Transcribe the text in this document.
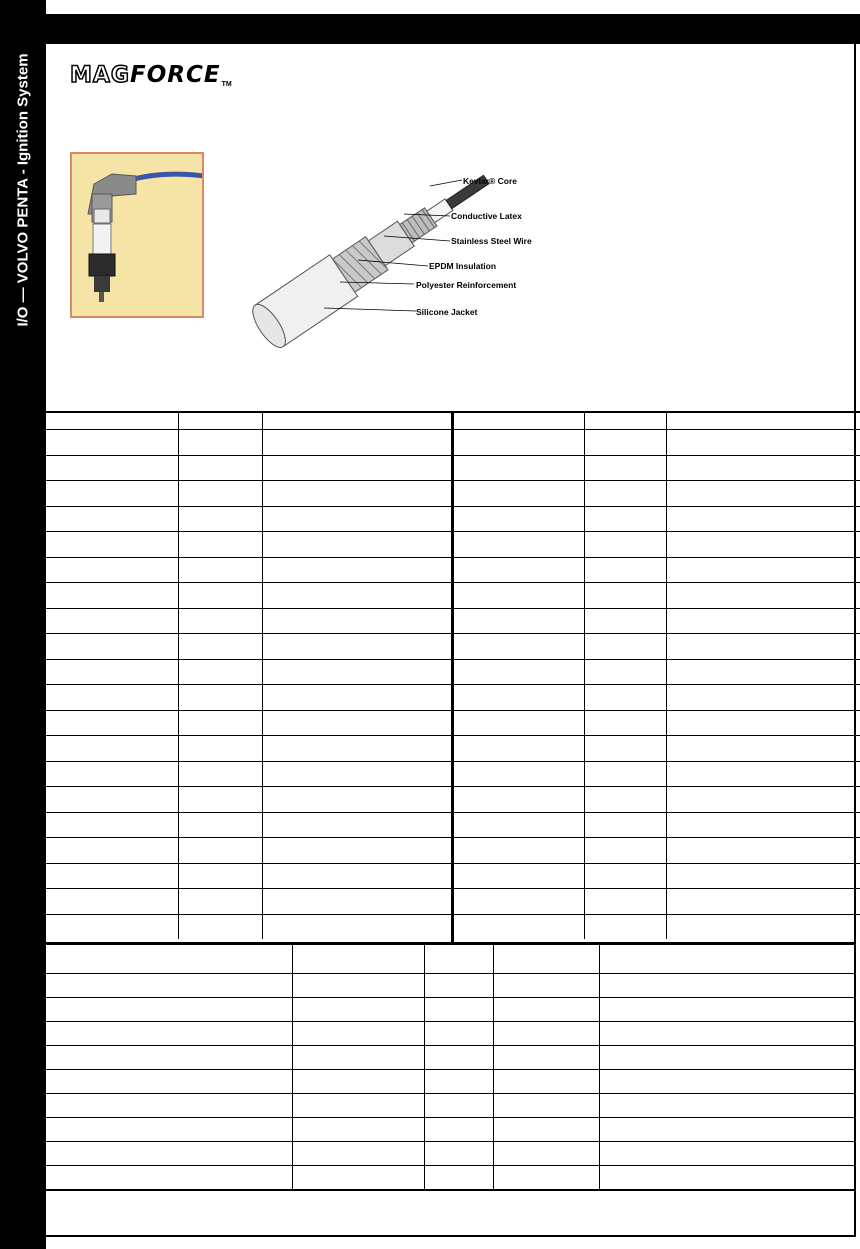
I/O — VOLVO PENTA - Ignition System MAGFORCETM
Kevlar® Core
Conductive Latex
Stainless Steel Wire
EPDM Insulation
Polyester Reinforcement
Silicone Jacket
